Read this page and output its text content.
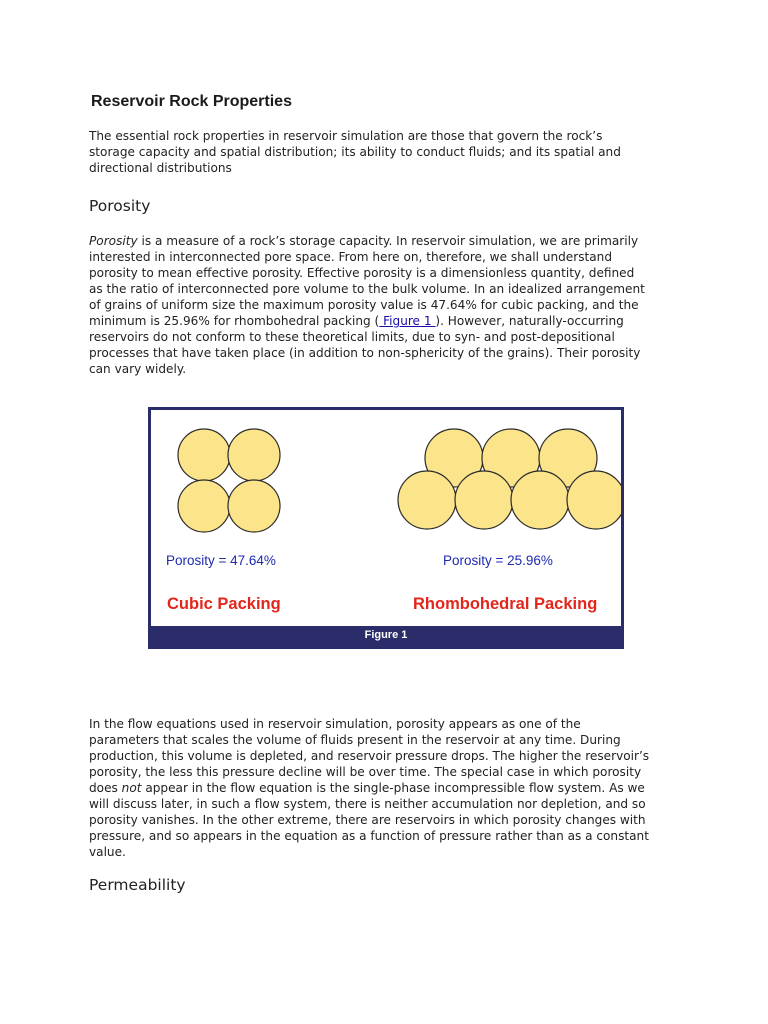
Reservoir Rock Properties
The essential rock properties in reservoir simulation are those that govern the rock’s
storage capacity and spatial distribution; its ability to conduct fluids; and its spatial and
directional distributions
Porosity
Porosity is a measure of a rock’s storage capacity. In reservoir simulation, we are primarily
interested in interconnected pore space. From here on, therefore, we shall understand
porosity to mean effective porosity. Effective porosity is a dimensionless quantity, defined
as the ratio of interconnected pore volume to the bulk volume. In an idealized arrangement
of grains of uniform size the maximum porosity value is 47.64% for cubic packing, and the
minimum is 25.96% for rhombohedral packing ( Figure 1 ). However, naturally-occurring
reservoirs do not conform to these theoretical limits, due to syn- and post-depositional
processes that have taken place (in addition to non-sphericity of the grains). Their porosity
can vary widely.
Porosity = 47.64%
Cubic Packing
Porosity = 25.96%
Rhombohedral Packing
Figure 1
In the flow equations used in reservoir simulation, porosity appears as one of the
parameters that scales the volume of fluids present in the reservoir at any time. During
production, this volume is depleted, and reservoir pressure drops. The higher the reservoir’s
porosity, the less this pressure decline will be over time. The special case in which porosity
does not appear in the flow equation is the single-phase incompressible flow system. As we
will discuss later, in such a flow system, there is neither accumulation nor depletion, and so
porosity vanishes. In the other extreme, there are reservoirs in which porosity changes with
pressure, and so appears in the equation as a function of pressure rather than as a constant
value.
Permeability
